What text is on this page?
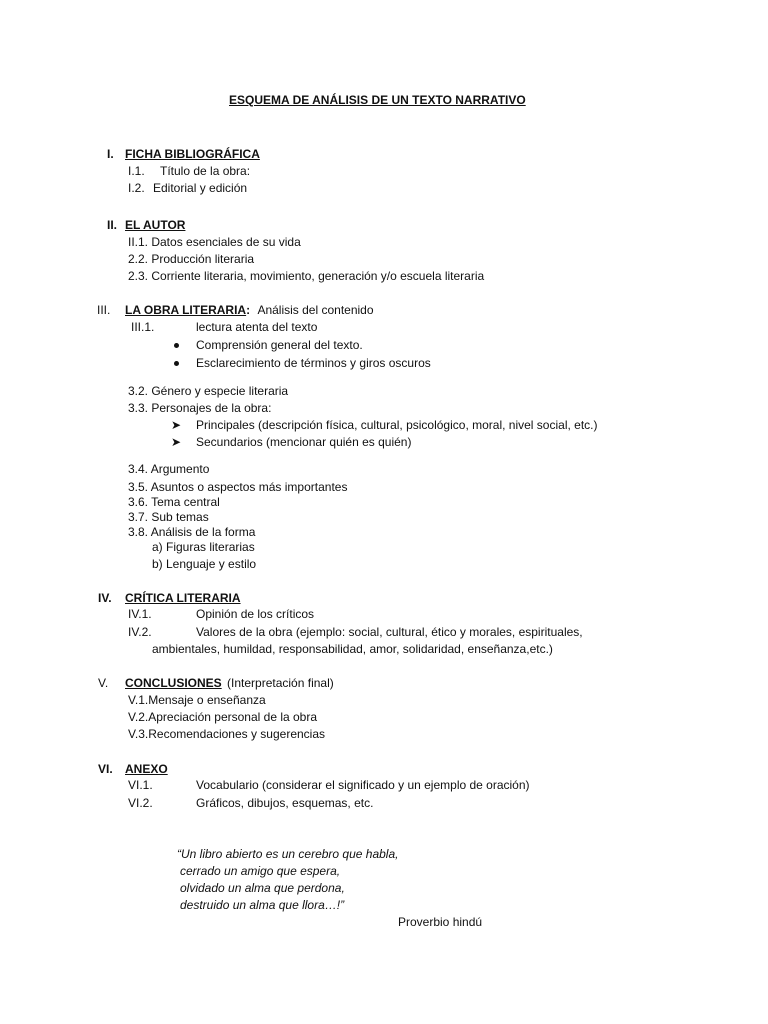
ESQUEMA DE ANÁLISIS DE UN TEXTO NARRATIVO
I. FICHA BIBLIOGRÁFICA
I.1. Título de la obra:
I.2. Editorial y edición
II. EL AUTOR
II.1. Datos esenciales de su vida
2.2. Producción literaria
2.3. Corriente literaria, movimiento, generación y/o escuela literaria
III. LA OBRA LITERARIA: Análisis del contenido
III.1.	lectura atenta del texto
Comprensión general del texto.
Esclarecimiento de términos y giros oscuros
3.2. Género y especie literaria
3.3. Personajes de la obra:
➤ Principales (descripción física, cultural, psicológico, moral, nivel social, etc.)
➤ Secundarios (mencionar quién es quién)
3.4. Argumento
3.5. Asuntos o aspectos más importantes
3.6. Tema central
3.7. Sub temas
3.8. Análisis de la forma
a) Figuras literarias
b) Lenguaje y estilo
IV. CRÍTICA LITERARIA
IV.1.	Opinión de los críticos
IV.2.	Valores de la obra (ejemplo: social, cultural, ético y morales, espirituales,
ambientales, humildad, responsabilidad, amor, solidaridad, enseñanza,etc.)
V. CONCLUSIONES (Interpretación final)
V.1.Mensaje o enseñanza
V.2.Apreciación personal de la obra
V.3.Recomendaciones y sugerencias
VI. ANEXO
VI.1.	Vocabulario (considerar el significado y un ejemplo de oración)
VI.2.	Gráficos, dibujos, esquemas, etc.
“Un libro abierto es un cerebro que habla,
cerrado un amigo que espera,
olvidado un alma que perdona,
destruido un alma que llora…!”
Proverbio hindú
